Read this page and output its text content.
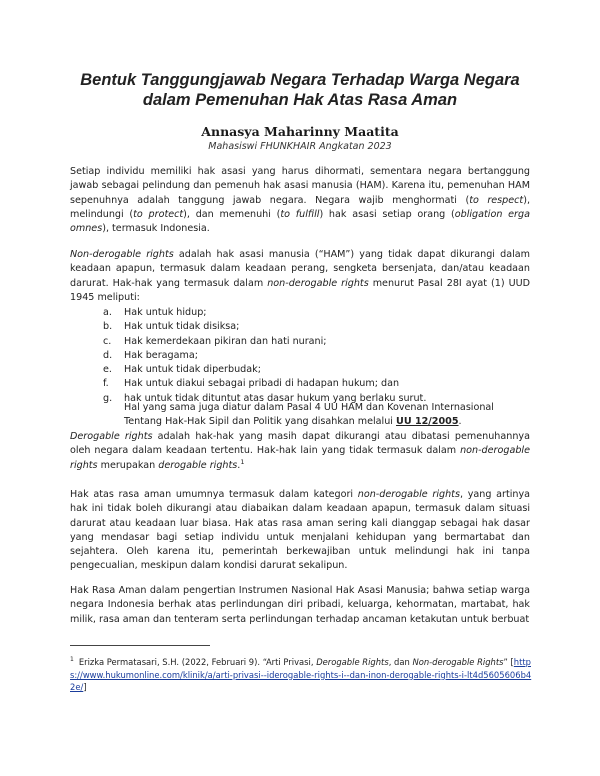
Bentuk Tanggungjawab Negara Terhadap Warga Negara
dalam Pemenuhan Hak Atas Rasa Aman
Annasya Maharinny Maatita
Mahasiswi FHUNKHAIR Angkatan 2023
Setiap individu memiliki hak asasi yang harus dihormati, sementara negara bertanggung jawab sebagai pelindung dan pemenuh hak asasi manusia (HAM). Karena itu, pemenuhan HAM sepenuhnya adalah tanggung jawab negara. Negara wajib menghormati (to respect), melindungi (to protect), dan memenuhi (to fulfill) hak asasi setiap orang (obligation erga omnes), termasuk Indonesia.
Non-derogable rights adalah hak asasi manusia (“HAM”) yang tidak dapat dikurangi dalam keadaan apapun, termasuk dalam keadaan perang, sengketa bersenjata, dan/atau keadaan darurat. Hak-hak yang termasuk dalam non-derogable rights menurut Pasal 28I ayat (1) UUD 1945 meliputi:
a. Hak untuk hidup;
b. Hak untuk tidak disiksa;
c. Hak kemerdekaan pikiran dan hati nurani;
d. Hak beragama;
e. Hak untuk tidak diperbudak;
f. Hak untuk diakui sebagai pribadi di hadapan hukum; dan
g. hak untuk tidak dituntut atas dasar hukum yang berlaku surut.
Hal yang sama juga diatur dalam Pasal 4 UU HAM dan Kovenan Internasional Tentang Hak-Hak Sipil dan Politik yang disahkan melalui UU 12/2005.
Derogable rights adalah hak-hak yang masih dapat dikurangi atau dibatasi pemenuhannya oleh negara dalam keadaan tertentu. Hak-hak lain yang tidak termasuk dalam non-derogable rights merupakan derogable rights.$^1$
Hak atas rasa aman umumnya termasuk dalam kategori non-derogable rights, yang artinya hak ini tidak boleh dikurangi atau diabaikan dalam keadaan apapun, termasuk dalam situasi darurat atau keadaan luar biasa. Hak atas rasa aman sering kali dianggap sebagai hak dasar yang mendasar bagi setiap individu untuk menjalani kehidupan yang bermartabat dan sejahtera. Oleh karena itu, pemerintah berkewajiban untuk melindungi hak ini tanpa pengecualian, meskipun dalam kondisi darurat sekalipun.
Hak Rasa Aman dalam pengertian Instrumen Nasional Hak Asasi Manusia; bahwa setiap warga negara Indonesia berhak atas perlindungan diri pribadi, keluarga, kehormatan, martabat, hak milik, rasa aman dan tenteram serta perlindungan terhadap ancaman ketakutan untuk berbuat
$^1$ Erizka Permatasari, S.H. (2022, Februari 9). “Arti Privasi, Derogable Rights, dan Non-derogable Rights” [https://www.hukumonline.com/klinik/a/arti-privasi--iderogable-rights-i--dan-inon-derogable-rights-i-lt4d5605606b42e/]
